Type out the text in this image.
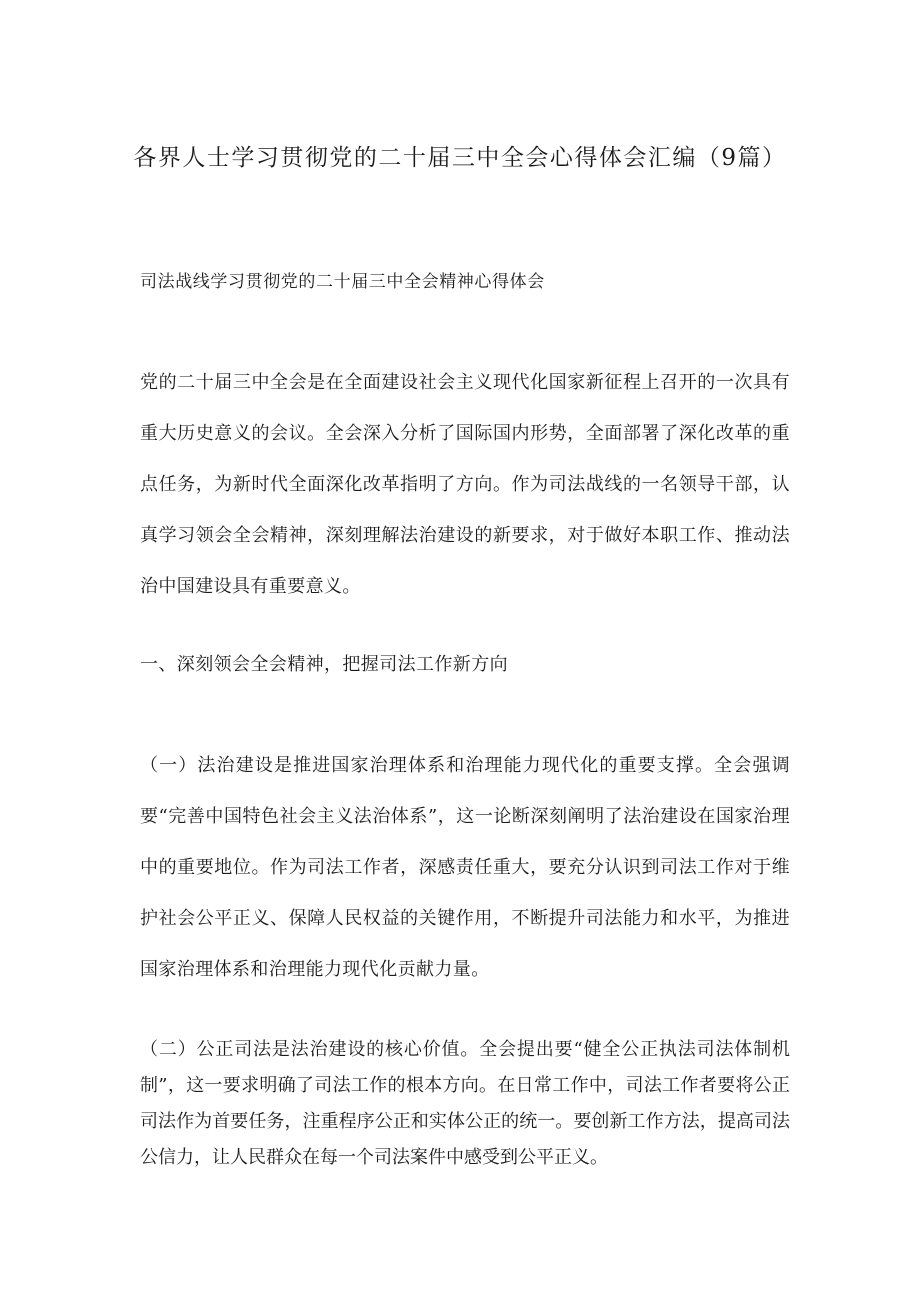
各界人士学习贯彻党的二十届三中全会心得体会汇编（9篇）
司法战线学习贯彻党的二十届三中全会精神心得体会

党的二十届三中全会是在全面建设社会主义现代化国家新征程上召开的一次具有重大历史意义的会议。全会深入分析了国际国内形势，全面部署了深化改革的重点任务，为新时代全面深化改革指明了方向。作为司法战线的一名领导干部，认真学习领会全会精神，深刻理解法治建设的新要求，对于做好本职工作、推动法治中国建设具有重要意义。

一、深刻领会全会精神，把握司法工作新方向

（一）法治建设是推进国家治理体系和治理能力现代化的重要支撑。全会强调要“完善中国特色社会主义法治体系”，这一论断深刻阐明了法治建设在国家治理中的重要地位。作为司法工作者，深感责任重大，要充分认识到司法工作对于维护社会公平正义、保障人民权益的关键作用，不断提升司法能力和水平，为推进国家治理体系和治理能力现代化贡献力量。

（二）公正司法是法治建设的核心价值。全会提出要“健全公正执法司法体制机制”，这一要求明确了司法工作的根本方向。在日常工作中，司法工作者要将公正司法作为首要任务，注重程序公正和实体公正的统一。要创新工作方法，提高司法公信力，让人民群众在每一个司法案件中感受到公平正义。
